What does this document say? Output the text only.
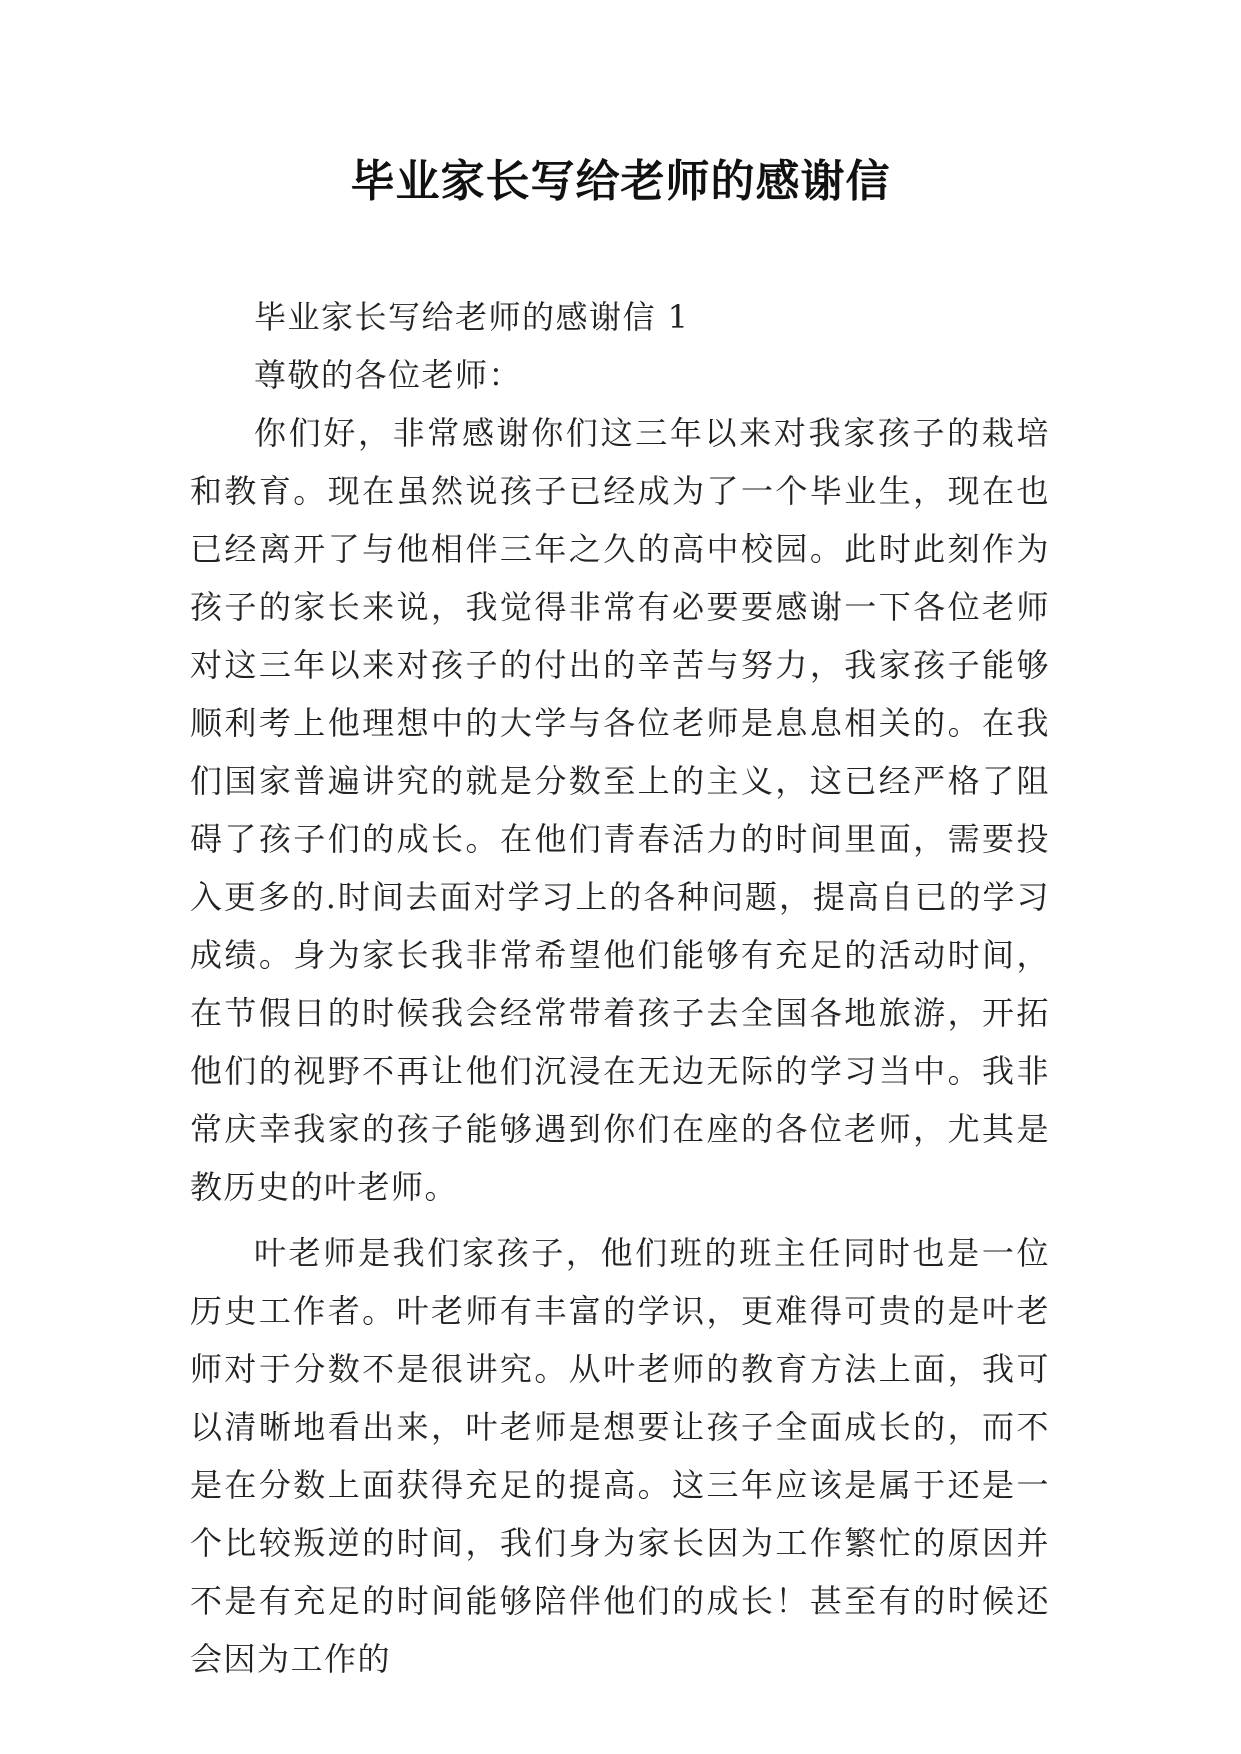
毕业家长写给老师的感谢信

毕业家长写给老师的感谢信 1

尊敬的各位老师：

你们好，非常感谢你们这三年以来对我家孩子的栽培和教育。现在虽然说孩子已经成为了一个毕业生，现在也已经离开了与他相伴三年之久的高中校园。此时此刻作为孩子的家长来说，我觉得非常有必要要感谢一下各位老师对这三年以来对孩子的付出的辛苦与努力，我家孩子能够顺利考上他理想中的大学与各位老师是息息相关的。在我们国家普遍讲究的就是分数至上的主义，这已经严格了阻碍了孩子们的成长。在他们青春活力的时间里面，需要投入更多的.时间去面对学习上的各种问题，提高自已的学习成绩。身为家长我非常希望他们能够有充足的活动时间，在节假日的时候我会经常带着孩子去全国各地旅游，开拓他们的视野不再让他们沉浸在无边无际的学习当中。我非常庆幸我家的孩子能够遇到你们在座的各位老师，尤其是教历史的叶老师。

叶老师是我们家孩子，他们班的班主任同时也是一位历史工作者。叶老师有丰富的学识，更难得可贵的是叶老师对于分数不是很讲究。从叶老师的教育方法上面，我可以清晰地看出来，叶老师是想要让孩子全面成长的，而不是在分数上面获得充足的提高。这三年应该是属于还是一个比较叛逆的时间，我们身为家长因为工作繁忙的原因并不是有充足的时间能够陪伴他们的成长！甚至有的时候还会因为工作的
